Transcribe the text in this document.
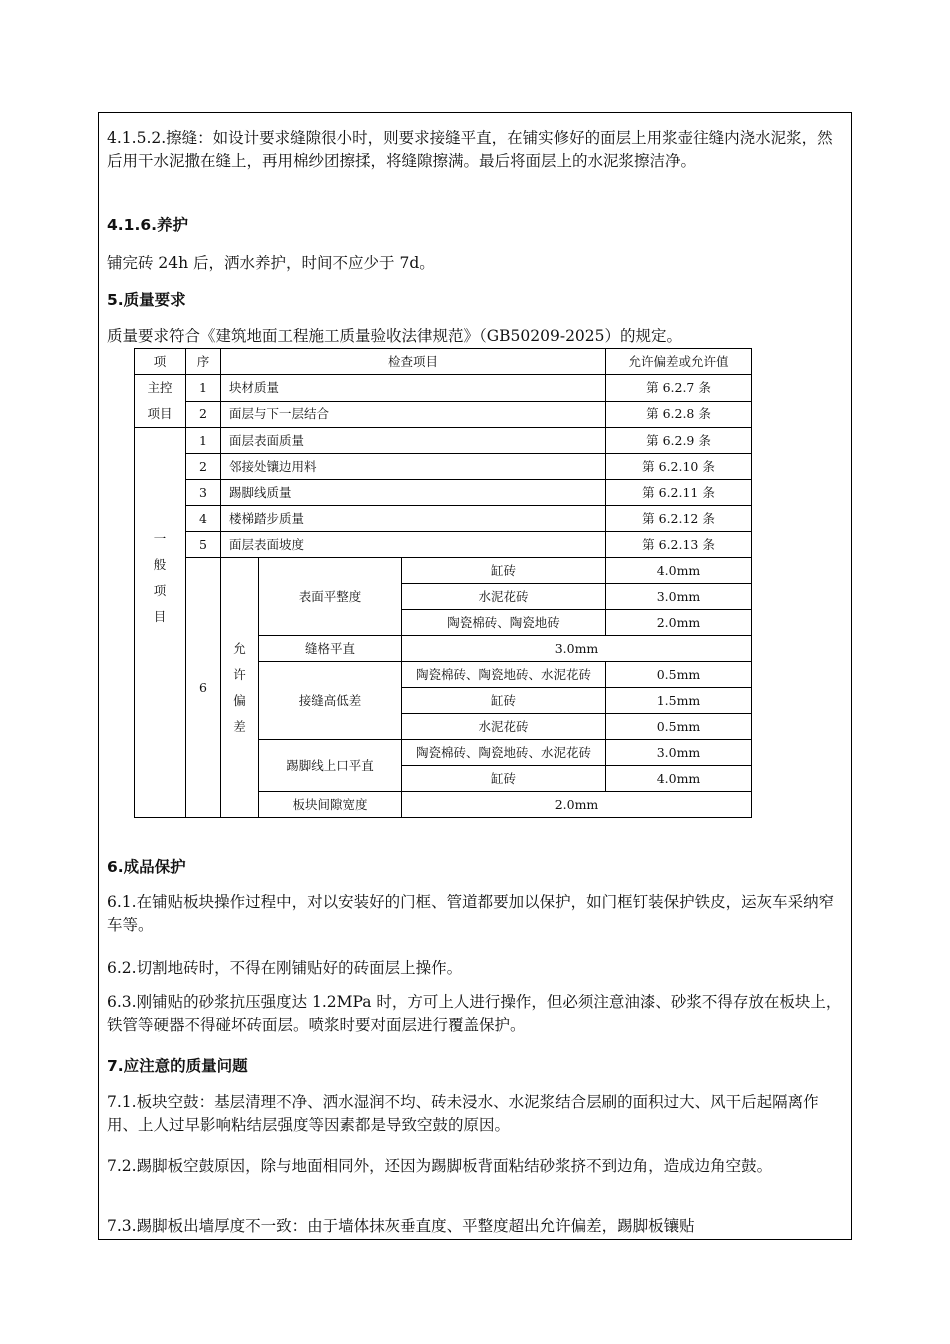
4.1.5.2.擦缝：如设计要求缝隙很小时，则要求接缝平直，在铺实修好的面层上用浆壶往缝内浇水泥浆，然后用干水泥撒在缝上，再用棉纱团擦揉，将缝隙擦满。最后将面层上的水泥浆擦洁净。

4.1.6.养护

铺完砖 24h 后，洒水养护，时间不应少于 7d。

5.质量要求

质量要求符合《建筑地面工程施工质量验收法律规范》（GB50209-2025）的规定。

项	序	检查项目			允许偏差或允许值
主控项目	1	块材质量			第 6.2.7 条
	2	面层与下一层结合			第 6.2.8 条
一般项目	1	面层表面质量			第 6.2.9 条
	2	邻接处镶边用料			第 6.2.10 条
	3	踢脚线质量			第 6.2.11 条
	4	楼梯踏步质量			第 6.2.12 条
	5	面层表面坡度			第 6.2.13 条
	6	允许偏差	表面平整度	缸砖	4.0mm
				水泥花砖	3.0mm
				陶瓷棉砖、陶瓷地砖	2.0mm
			缝格平直	3.0mm	
			接缝高低差	陶瓷棉砖、陶瓷地砖、水泥花砖	0.5mm
				缸砖	1.5mm
				水泥花砖	0.5mm
			踢脚线上口平直	陶瓷棉砖、陶瓷地砖、水泥花砖	3.0mm
				缸砖	4.0mm
			板块间隙宽度	2.0mm	

6.成品保护

6.1.在铺贴板块操作过程中，对以安装好的门框、管道都要加以保护，如门框钉装保护铁皮，运灰车采纳窄车等。

6.2.切割地砖时，不得在刚铺贴好的砖面层上操作。

6.3.刚铺贴的砂浆抗压强度达 1.2MPa 时，方可上人进行操作，但必须注意油漆、砂浆不得存放在板块上，铁管等硬器不得碰坏砖面层。喷浆时要对面层进行覆盖保护。

7.应注意的质量问题

7.1.板块空鼓：基层清理不净、洒水湿润不均、砖未浸水、水泥浆结合层刷的面积过大、风干后起隔离作用、上人过早影响粘结层强度等因素都是导致空鼓的原因。

7.2.踢脚板空鼓原因，除与地面相同外，还因为踢脚板背面粘结砂浆挤不到边角，造成边角空鼓。

7.3.踢脚板出墙厚度不一致：由于墙体抹灰垂直度、平整度超出允许偏差，踢脚板镶贴
